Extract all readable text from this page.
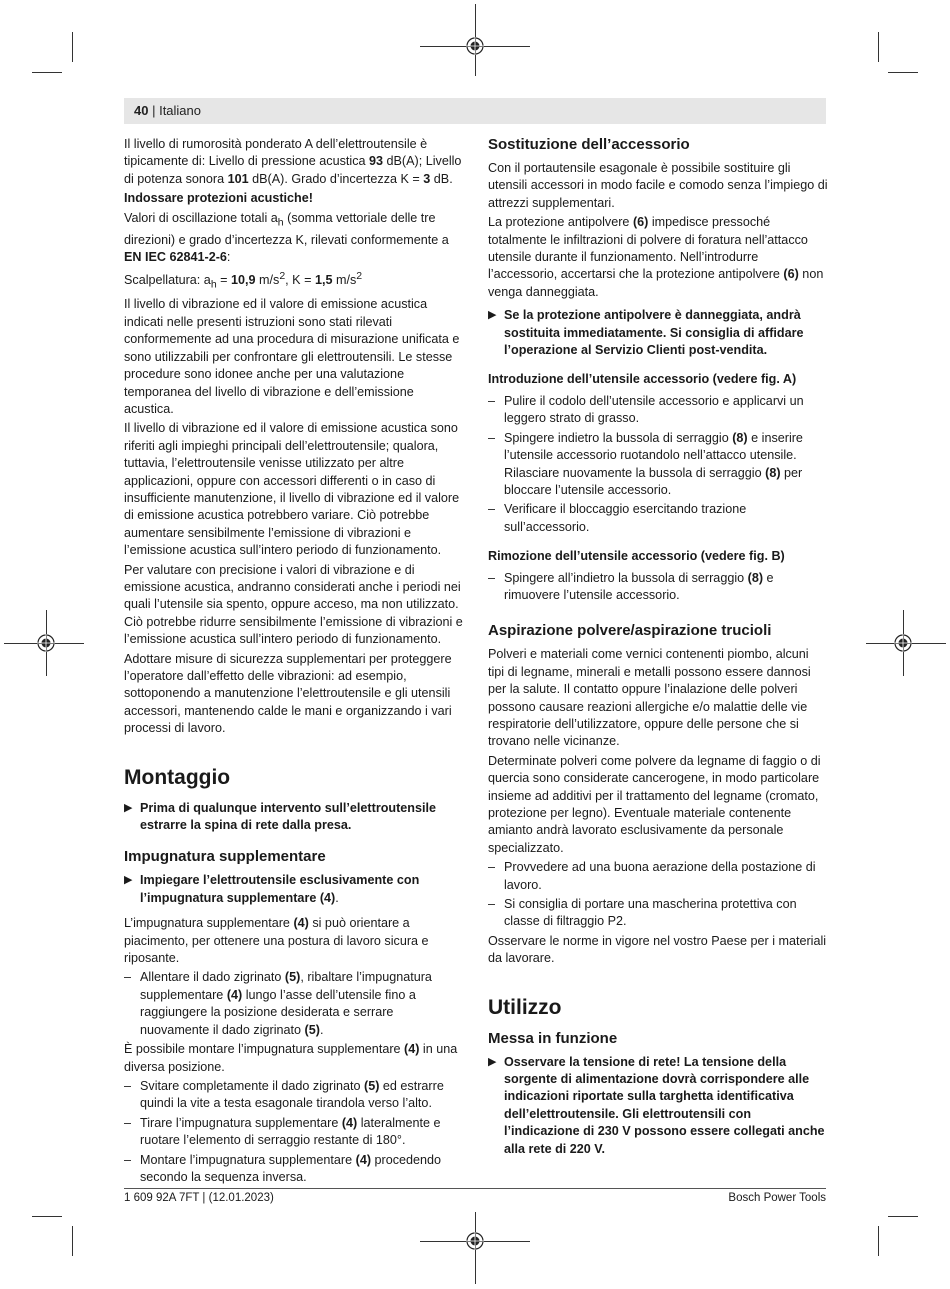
40 | Italiano

Il livello di rumorosità ponderato A dell’elettroutensile è tipicamente di: Livello di pressione acustica 93 dB(A); Livello di potenza sonora 101 dB(A). Grado d’incertezza K = 3 dB.

Indossare protezioni acustiche!

Valori di oscillazione totali $a_h$ (somma vettoriale delle tre direzioni) e grado d’incertezza K, rilevati conformemente a EN IEC 62841-2-6:

Scalpellatura: $a_h = 10,9$ $m/s^2$, K = 1,5 $m/s^2$

Il livello di vibrazione ed il valore di emissione acustica indicati nelle presenti istruzioni sono stati rilevati conformemente ad una procedura di misurazione unificata e sono utilizzabili per confrontare gli elettroutensili. Le stesse procedure sono idonee anche per una valutazione temporanea del livello di vibrazione e dell’emissione acustica.

Il livello di vibrazione ed il valore di emissione acustica sono riferiti agli impieghi principali dell’elettroutensile; qualora, tuttavia, l’elettroutensile venisse utilizzato per altre applicazioni, oppure con accessori differenti o in caso di insufficiente manutenzione, il livello di vibrazione ed il valore di emissione acustica potrebbero variare. Ciò potrebbe aumentare sensibilmente l’emissione di vibrazioni e l’emissione acustica sull’intero periodo di funzionamento.

Per valutare con precisione i valori di vibrazione e di emissione acustica, andranno considerati anche i periodi nei quali l’utensile sia spento, oppure acceso, ma non utilizzato. Ciò potrebbe ridurre sensibilmente l’emissione di vibrazioni e l’emissione acustica sull’intero periodo di funzionamento.

Adottare misure di sicurezza supplementari per proteggere l’operatore dall’effetto delle vibrazioni: ad esempio, sottoponendo a manutenzione l’elettroutensile e gli utensili accessori, mantenendo calde le mani e organizzando i vari processi di lavoro.

Montaggio
▶ Prima di qualunque intervento sull’elettroutensile estrarre la spina di rete dalla presa.
Impugnatura supplementare
▶ Impiegare l’elettroutensile esclusivamente con l’impugnatura supplementare (4).

L’impugnatura supplementare (4) si può orientare a piacimento, per ottenere una postura di lavoro sicura e riposante.

– Allentare il dado zigrinato (5), ribaltare l’impugnatura supplementare (4) lungo l’asse dell’utensile fino a raggiungere la posizione desiderata e serrare nuovamente il dado zigrinato (5).

È possibile montare l’impugnatura supplementare (4) in una diversa posizione.

– Svitare completamente il dado zigrinato (5) ed estrarre quindi la vite a testa esagonale tirandola verso l’alto.
– Tirare l’impugnatura supplementare (4) lateralmente e ruotare l’elemento di serraggio restante di 180°.
– Montare l’impugnatura supplementare (4) procedendo secondo la sequenza inversa.
Sostituzione dell’accessorio

Con il portautensile esagonale è possibile sostituire gli utensili accessori in modo facile e comodo senza l’impiego di attrezzi supplementari.

La protezione antipolvere (6) impedisce pressoché totalmente le infiltrazioni di polvere di foratura nell’attacco utensile durante il funzionamento. Nell’introdurre l’accessorio, accertarsi che la protezione antipolvere (6) non venga danneggiata.

▶ Se la protezione antipolvere è danneggiata, andrà sostituita immediatamente. Si consiglia di affidare l’operazione al Servizio Clienti post-vendita.
Introduzione dell’utensile accessorio (vedere fig. A)
– Pulire il codolo dell’utensile accessorio e applicarvi un leggero strato di grasso.
– Spingere indietro la bussola di serraggio (8) e inserire l’utensile accessorio ruotandolo nell’attacco utensile. Rilasciare nuovamente la bussola di serraggio (8) per bloccare l’utensile accessorio.
– Verificare il bloccaggio esercitando trazione sull’accessorio.
Rimozione dell’utensile accessorio (vedere fig. B)
– Spingere all’indietro la bussola di serraggio (8) e rimuovere l’utensile accessorio.
Aspirazione polvere/aspirazione trucioli

Polveri e materiali come vernici contenenti piombo, alcuni tipi di legname, minerali e metalli possono essere dannosi per la salute. Il contatto oppure l’inalazione delle polveri possono causare reazioni allergiche e/o malattie delle vie respiratorie dell’utilizzatore, oppure delle persone che si trovano nelle vicinanze.

Determinate polveri come polvere da legname di faggio o di quercia sono considerate cancerogene, in modo particolare insieme ad additivi per il trattamento del legname (cromato, protezione per legno). Eventuale materiale contenente amianto andrà lavorato esclusivamente da personale specializzato.

– Provvedere ad una buona aerazione della postazione di lavoro.
– Si consiglia di portare una mascherina protettiva con classe di filtraggio P2.

Osservare le norme in vigore nel vostro Paese per i materiali da lavorare.

Utilizzo
Messa in funzione
▶ Osservare la tensione di rete! La tensione della sorgente di alimentazione dovrà corrispondere alle indicazioni riportate sulla targhetta identificativa dell’elettroutensile. Gli elettroutensili con l’indicazione di 230 V possono essere collegati anche alla rete di 220 V.
1 609 92A 7FT | (12.01.2023)	Bosch Power Tools
